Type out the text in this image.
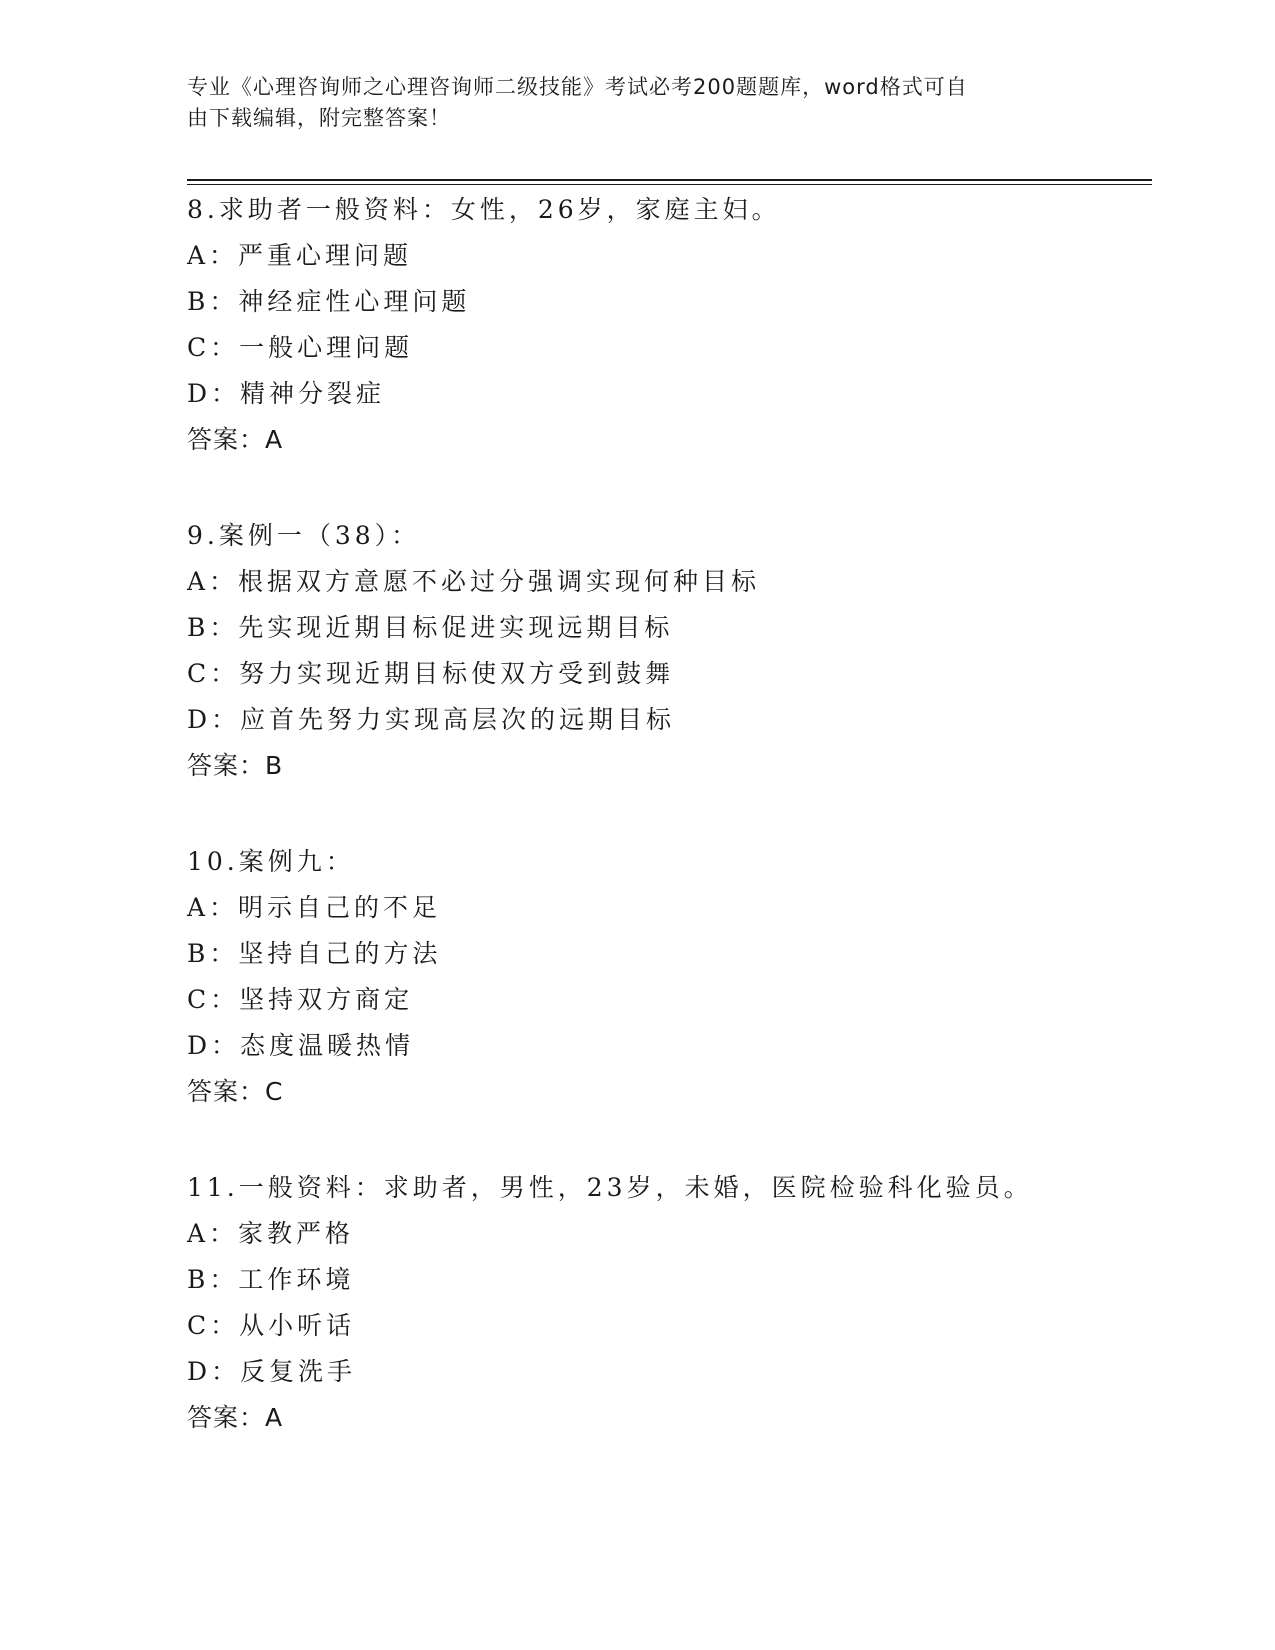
专业《心理咨询师之心理咨询师二级技能》考试必考200题题库，word格式可自
由下载编辑，附完整答案！
8.求助者一般资料：女性，26岁，家庭主妇。
A：严重心理问题
B：神经症性心理问题
C：一般心理问题
D：精神分裂症
答案：A
9.案例一（38）：
A：根据双方意愿不必过分强调实现何种目标
B：先实现近期目标促进实现远期目标
C：努力实现近期目标使双方受到鼓舞
D：应首先努力实现高层次的远期目标
答案：B
10.案例九：
A：明示自己的不足
B：坚持自己的方法
C：坚持双方商定
D：态度温暖热情
答案：C
11.一般资料：求助者，男性，23岁，未婚，医院检验科化验员。
A：家教严格
B：工作环境
C：从小听话
D：反复洗手
答案：A
